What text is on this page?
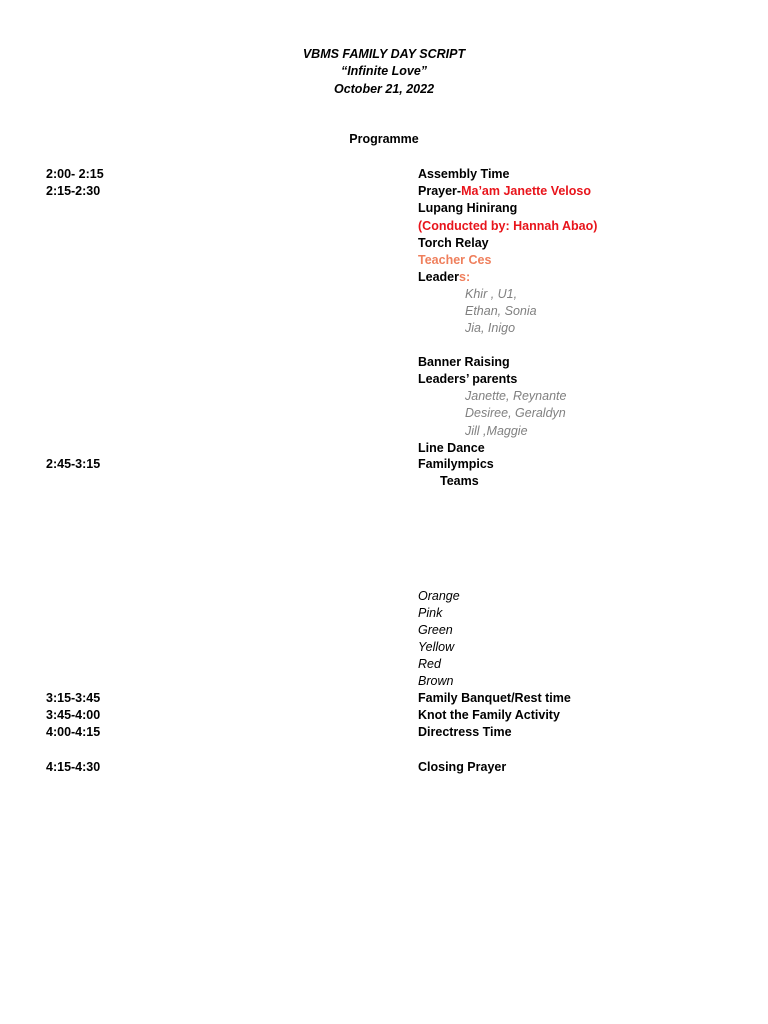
VBMS FAMILY DAY SCRIPT
“Infinite Love”
October 21, 2022
Programme
2:00- 2:15
2:15-2:30
2:45-3:15
3:15-3:45
3:45-4:00
4:00-4:15
4:15-4:30
Assembly Time
Prayer-Ma’am Janette Veloso
Lupang Hinirang
(Conducted by: Hannah Abao)
Torch Relay
Teacher Ces
Leaders:
Khir , U1,
Ethan, Sonia
Jia, Inigo
Banner Raising
Leaders’ parents
Janette, Reynante
Desiree, Geraldyn
Jill ,Maggie
Line Dance
Familympics
Teams
Orange
Pink
Green
Yellow
Red
Brown
Family Banquet/Rest time
Knot the Family Activity
Directress Time
Closing Prayer
